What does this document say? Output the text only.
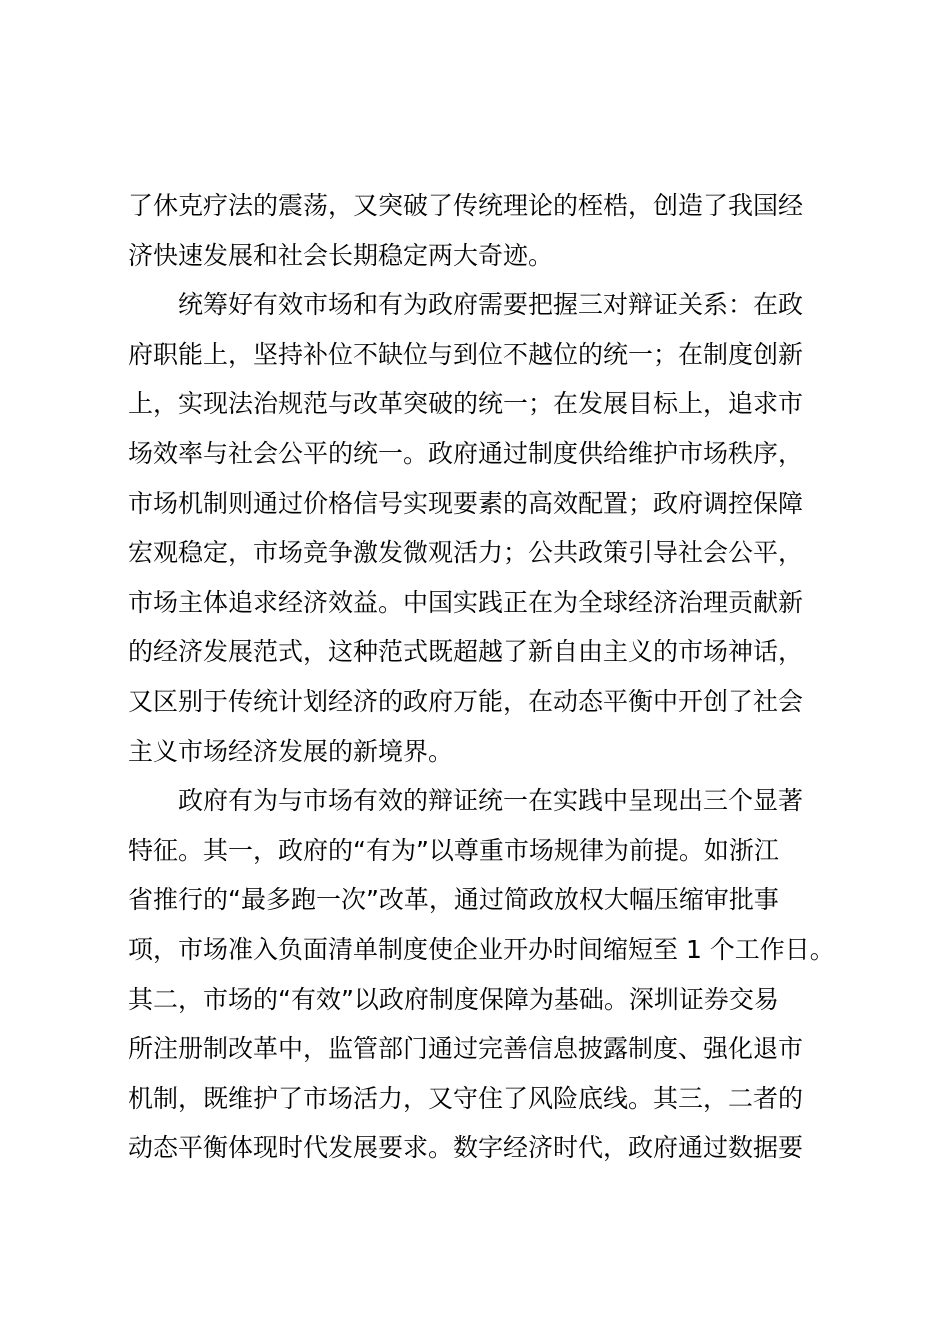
了休克疗法的震荡，又突破了传统理论的桎梏，创造了我国经
济快速发展和社会长期稳定两大奇迹。
统筹好有效市场和有为政府需要把握三对辩证关系：在政
府职能上，坚持补位不缺位与到位不越位的统一；在制度创新
上，实现法治规范与改革突破的统一；在发展目标上，追求市
场效率与社会公平的统一。政府通过制度供给维护市场秩序，
市场机制则通过价格信号实现要素的高效配置；政府调控保障
宏观稳定，市场竞争激发微观活力；公共政策引导社会公平，
市场主体追求经济效益。中国实践正在为全球经济治理贡献新
的经济发展范式，这种范式既超越了新自由主义的市场神话，
又区别于传统计划经济的政府万能，在动态平衡中开创了社会
主义市场经济发展的新境界。
政府有为与市场有效的辩证统一在实践中呈现出三个显著
特征。其一，政府的“有为”以尊重市场规律为前提。如浙江
省推行的“最多跑一次”改革，通过简政放权大幅压缩审批事
项，市场准入负面清单制度使企业开办时间缩短至 1 个工作日。
其二，市场的“有效”以政府制度保障为基础。深圳证券交易
所注册制改革中，监管部门通过完善信息披露制度、强化退市
机制，既维护了市场活力，又守住了风险底线。其三，二者的
动态平衡体现时代发展要求。数字经济时代，政府通过数据要
